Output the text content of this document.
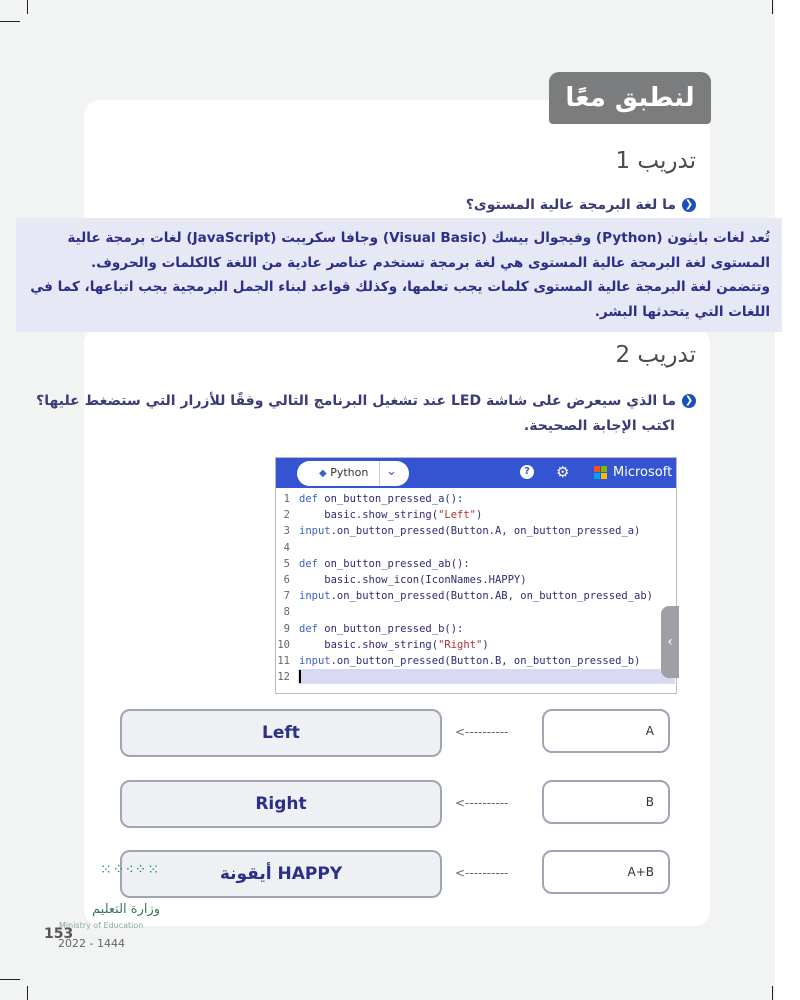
لنطبق معًا
تدريب 1
❮ما لغة البرمجة عالية المستوى؟
تُعد لغات بايثون (Python) وفيجوال بيسك (Visual Basic) وجافا سكريبت (JavaScript) لغات برمجة عالية
المستوى لغة البرمجة عالية المستوى هي لغة برمجة تستخدم عناصر عادية من اللغة كالكلمات والحروف.
وتتضمن لغة البرمجة عالية المستوى كلمات يجب تعلمها، وكذلك قواعد لبناء الجمل البرمجية يجب اتباعها، كما في
اللغات التي يتحدثها البشر.
تدريب 2
❮ما الذي سيعرض على شاشة LED عند تشغيل البرنامج التالي وفقًا للأزرار التي ستضغط عليها؟
اكتب الإجابة الصحيحة.
◆ Python ⌄	? ⚙	Microsoft
1 def on_button_pressed_a():
2 basic.show_string("Left")
3 input.on_button_pressed(Button.A, on_button_pressed_a)
4
5 def on_button_pressed_ab():
6 basic.show_icon(IconNames.HAPPY)
7 input.on_button_pressed(Button.AB, on_button_pressed_ab)
8
9 def on_button_pressed_b():
10 basic.show_string("Right")
11 input.on_button_pressed(Button.B, on_button_pressed_b)
12
‹
Left	<----------	A
Right	<----------	B
HAPPY أيقونة	<----------	A+B
⁙⁘⁖⁘⁙
وزارة التعليم
Ministry of Education
153
2022 - 1444
